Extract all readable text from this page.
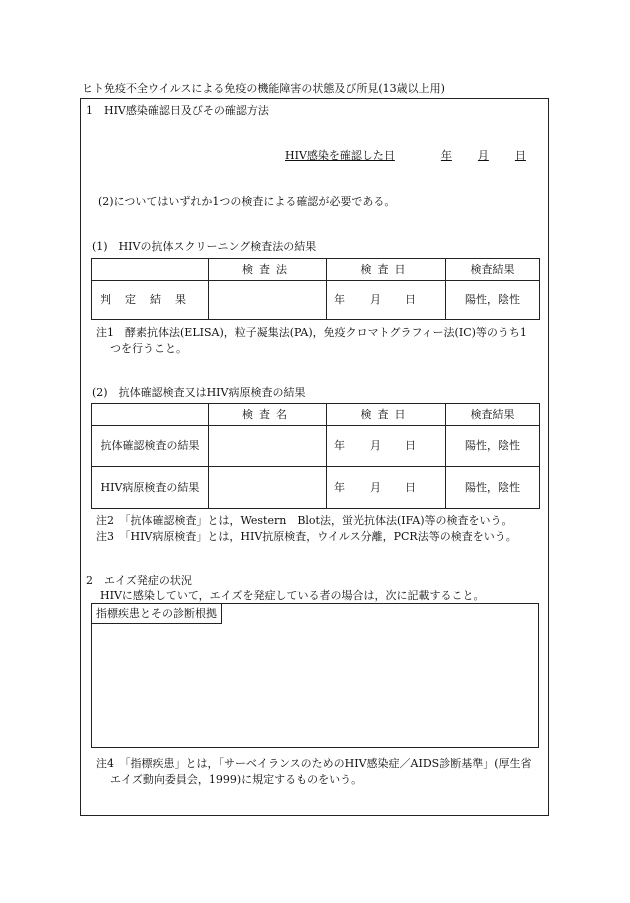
ヒト免疫不全ウイルスによる免疫の機能障害の状態及び所見(13歳以上用)
1　HIV感染確認日及びその確認方法
HIV感染を確認した日	年 月 日
(2)についてはいずれか1つの検査による確認が必要である。
(1)　HIVの抗体スクリーニング検査法の結果
	検査法	検査日	検査結果
判定結果		年 月 日	陽性，陰性
注1　酵素抗体法(ELISA)，粒子凝集法(PA)，免疫クロマトグラフィー法(IC)等のうち1
つを行うこと。
(2)　抗体確認検査又はHIV病原検査の結果
	検査名	検査日	検査結果
抗体確認検査の結果		年 月 日	陽性，陰性
HIV病原検査の結果		年 月 日	陽性，陰性
注2　「抗体確認検査」とは，Western　Blot法，蛍光抗体法(IFA)等の検査をいう。
注3　「HIV病原検査」とは，HIV抗原検査，ウイルス分離，PCR法等の検査をいう。
2　エイズ発症の状況
HIVに感染していて，エイズを発症している者の場合は，次に記載すること。
指標疾患とその診断根拠
注4　「指標疾患」とは，「サーベイランスのためのHIV感染症／AIDS診断基準」(厚生省
エイズ動向委員会，1999)に規定するものをいう。
